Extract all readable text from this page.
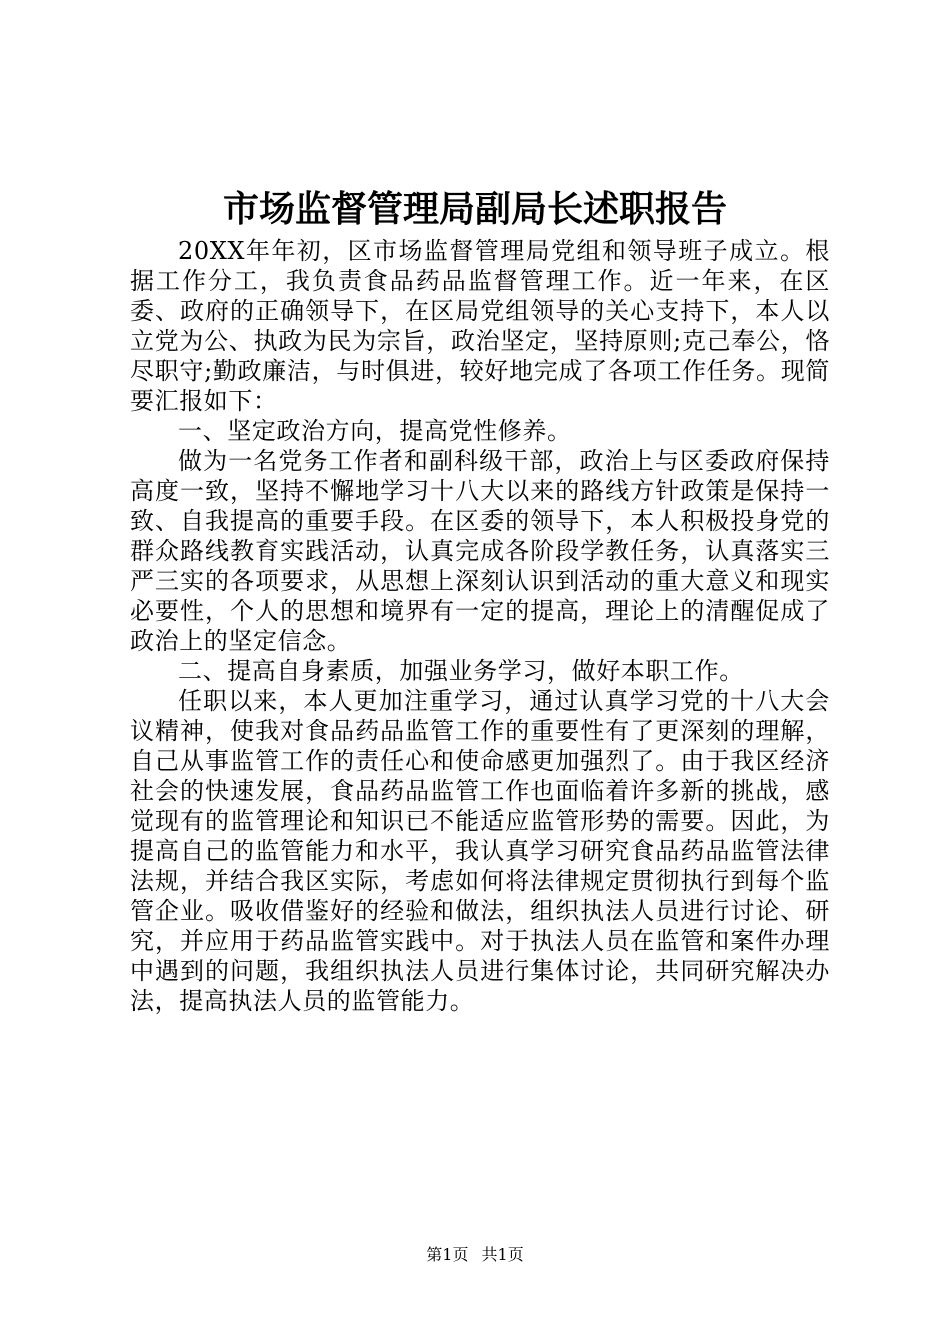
市场监督管理局副局长述职报告

20XX年年初，区市场监督管理局党组和领导班子成立。根据工作分工，我负责食品药品监督管理工作。近一年来，在区委、政府的正确领导下，在区局党组领导的关心支持下，本人以立党为公、执政为民为宗旨，政治坚定，坚持原则;克己奉公，恪尽职守;勤政廉洁，与时俱进，较好地完成了各项工作任务。现简要汇报如下：

一、坚定政治方向，提高党性修养。

做为一名党务工作者和副科级干部，政治上与区委政府保持高度一致，坚持不懈地学习十八大以来的路线方针政策是保持一致、自我提高的重要手段。在区委的领导下，本人积极投身党的群众路线教育实践活动，认真完成各阶段学教任务，认真落实三严三实的各项要求，从思想上深刻认识到活动的重大意义和现实必要性，个人的思想和境界有一定的提高，理论上的清醒促成了政治上的坚定信念。

二、提高自身素质，加强业务学习，做好本职工作。

任职以来，本人更加注重学习，通过认真学习党的十八大会议精神，使我对食品药品监管工作的重要性有了更深刻的理解，自己从事监管工作的责任心和使命感更加强烈了。由于我区经济社会的快速发展，食品药品监管工作也面临着许多新的挑战，感觉现有的监管理论和知识已不能适应监管形势的需要。因此，为提高自己的监管能力和水平，我认真学习研究食品药品监管法律法规，并结合我区实际，考虑如何将法律规定贯彻执行到每个监管企业。吸收借鉴好的经验和做法，组织执法人员进行讨论、研究，并应用于药品监管实践中。对于执法人员在监管和案件办理中遇到的问题，我组织执法人员进行集体讨论，共同研究解决办法，提高执法人员的监管能力。

第1页 共1页
